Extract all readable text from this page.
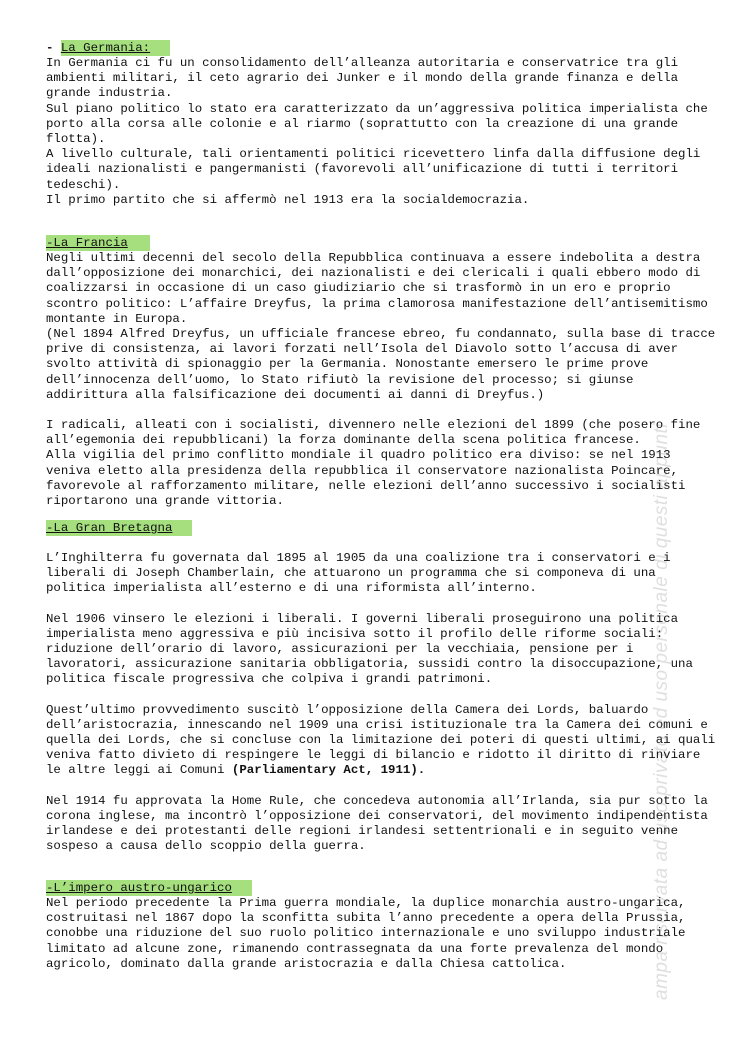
- La Germania:
In Germania ci fu un consolidamento dell’alleanza autoritaria e conservatrice tra gli
ambienti militari, il ceto agrario dei Junker e il mondo della grande finanza e della
grande industria.
Sul piano politico lo stato era caratterizzato da un’aggressiva politica imperialista che
porto alla corsa alle colonie e al riarmo (soprattutto con la creazione di una grande
flotta).
A livello culturale, tali orientamenti politici ricevettero linfa dalla diffusione degli
ideali nazionalisti e pangermanisti (favorevoli all’unificazione di tutti i territori
tedeschi).
Il primo partito che si affermò nel 1913 era la socialdemocrazia.
-La Francia
Negli ultimi decenni del secolo della Repubblica continuava a essere indebolita a destra
dall’opposizione dei monarchici, dei nazionalisti e dei clericali i quali ebbero modo di
coalizzarsi in occasione di un caso giudiziario che si trasformò in un ero e proprio
scontro politico: L’affaire Dreyfus, la prima clamorosa manifestazione dell’antisemitismo
montante in Europa.
(Nel 1894 Alfred Dreyfus, un ufficiale francese ebreo, fu condannato, sulla base di tracce
prive di consistenza, ai lavori forzati nell’Isola del Diavolo sotto l’accusa di aver
svolto attività di spionaggio per la Germania. Nonostante emersero le prime prove
dell’innocenza dell’uomo, lo Stato rifiutò la revisione del processo; si giunse
addirittura alla falsificazione dei documenti ai danni di Dreyfus.)
I radicali, alleati con i socialisti, divennero nelle elezioni del 1899 (che posero fine
all’egemonia dei repubblicani) la forza dominante della scena politica francese.
Alla vigilia del primo conflitto mondiale il quadro politico era diviso: se nel 1913
veniva eletto alla presidenza della repubblica il conservatore nazionalista Poincare,
favorevole al rafforzamento militare, nelle elezioni dell’anno successivo i socialisti
riportarono una grande vittoria.
-La Gran Bretagna
L’Inghilterra fu governata dal 1895 al 1905 da una coalizione tra i conservatori e i
liberali di Joseph Chamberlain, che attuarono un programma che si componeva di una
politica imperialista all’esterno e di una riformista all’interno.
Nel 1906 vinsero le elezioni i liberali. I governi liberali proseguirono una politica
imperialista meno aggressiva e più incisiva sotto il profilo delle riforme sociali:
riduzione dell’orario di lavoro, assicurazioni per la vecchiaia, pensione per i
lavoratori, assicurazione sanitaria obbligatoria, sussidi contro la disoccupazione, una
politica fiscale progressiva che colpiva i grandi patrimoni.
Quest’ultimo provvedimento suscitò l’opposizione della Camera dei Lords, baluardo
dell’aristocrazia, innescando nel 1909 una crisi istituzionale tra la Camera dei comuni e
quella dei Lords, che si concluse con la limitazione dei poteri di questi ultimi, ai quali
veniva fatto divieto di respingere le leggi di bilancio e ridotto il diritto di rinviare
le altre leggi ai Comuni (Parliamentary Act, 1911).
Nel 1914 fu approvata la Home Rule, che concedeva autonomia all’Irlanda, sia pur sotto la
corona inglese, ma incontrò l’opposizione dei conservatori, del movimento indipendentista
irlandese e dei protestanti delle regioni irlandesi settentrionali e in seguito venne
sospeso a causa dello scoppio della guerra.
-L’impero austro-ungarico
Nel periodo precedente la Prima guerra mondiale, la duplice monarchia austro-ungarica,
costruitasi nel 1867 dopo la sconfitta subita l’anno precedente a opera della Prussia,
conobbe una riduzione del suo ruolo politico internazionale e uno sviluppo industriale
limitato ad alcune zone, rimanendo contrassegnata da una forte prevalenza del mondo
agricolo, dominato dalla grande aristocrazia e dalla Chiesa cattolica.	ampa riservata ad uso privato ed uso personale di questi appunti
